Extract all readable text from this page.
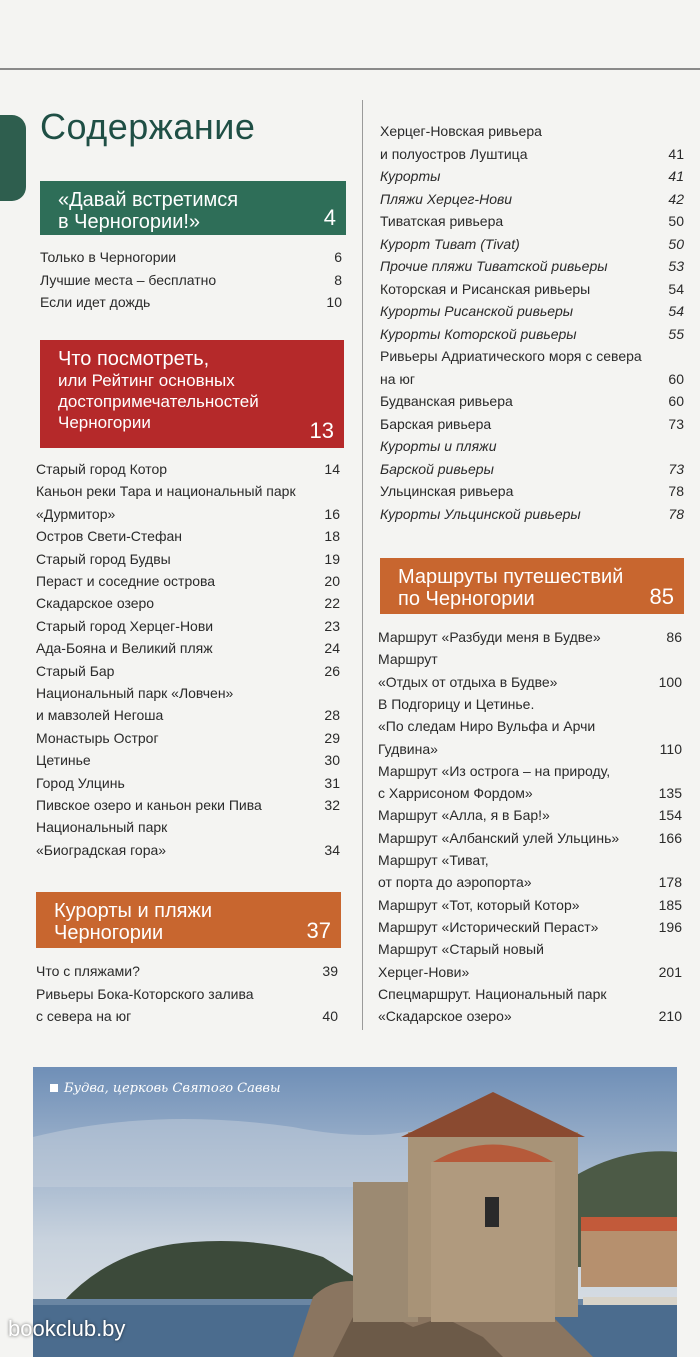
Содержание
«Давай встретимся
в Черногории!»	4
Только в Черногории	6
Лучшие места – бесплатно	8
Если идет дождь	10
Что посмотреть,
или Рейтинг основных
достопримечательностей
Черногории	13
Старый город Котор	14
Каньон реки Тара и национальный парк
«Дурмитор»	16
Остров Свети-Стефан	18
Старый город Будвы	19
Пераст и соседние острова	20
Скадарское озеро	22
Старый город Херцег-Нови	23
Ада-Бояна и Великий пляж	24
Старый Бар	26
Национальный парк «Ловчен»
и мавзолей Негоша	28
Монастырь Острог	29
Цетинье	30
Город Улцинь	31
Пивское озеро и каньон реки Пива	32
Национальный парк
«Биоградская гора»	34
Курорты и пляжи
Черногории	37
Что с пляжами?	39
Ривьеры Бока-Которского залива
с севера на юг	40
Херцег-Новская ривьера
и полуостров Луштица	41
Курорты	41
Пляжи Херцег-Нови	42
Тиватская ривьера	50
Курорт Тиват (Tivat)	50
Прочие пляжи Тиватской ривьеры	53
Которская и Рисанская ривьеры	54
Курорты Рисанской ривьеры	54
Курорты Которской ривьеры	55
Ривьеры Адриатического моря с севера
на юг	60
Будванская ривьера	60
Барская ривьера	73
Курорты и пляжи
Барской ривьеры	73
Ульцинская ривьера	78
Курорты Ульцинской ривьеры	78
Маршруты путешествий
по Черногории	85
Маршрут «Разбуди меня в Будве»	86
Маршрут
«Отдых от отдыха в Будве»	100
В Подгорицу и Цетинье.
«По следам Ниро Вульфа и Арчи
Гудвина»	110
Маршрут «Из острога – на природу,
с Харрисоном Фордом»	135
Маршрут «Алла, я в Бар!»	154
Маршрут «Албанский улей Ульцинь»	166
Маршрут «Тиват,
от порта до аэропорта»	178
Маршрут «Тот, который Котор»	185
Маршрут «Исторический Пераст»	196
Маршрут «Старый новый
Херцег-Нови»	201
Спецмаршрут. Национальный парк
«Скадарское озеро»	210
Будва, церковь Святого Саввы
bookclub.by
